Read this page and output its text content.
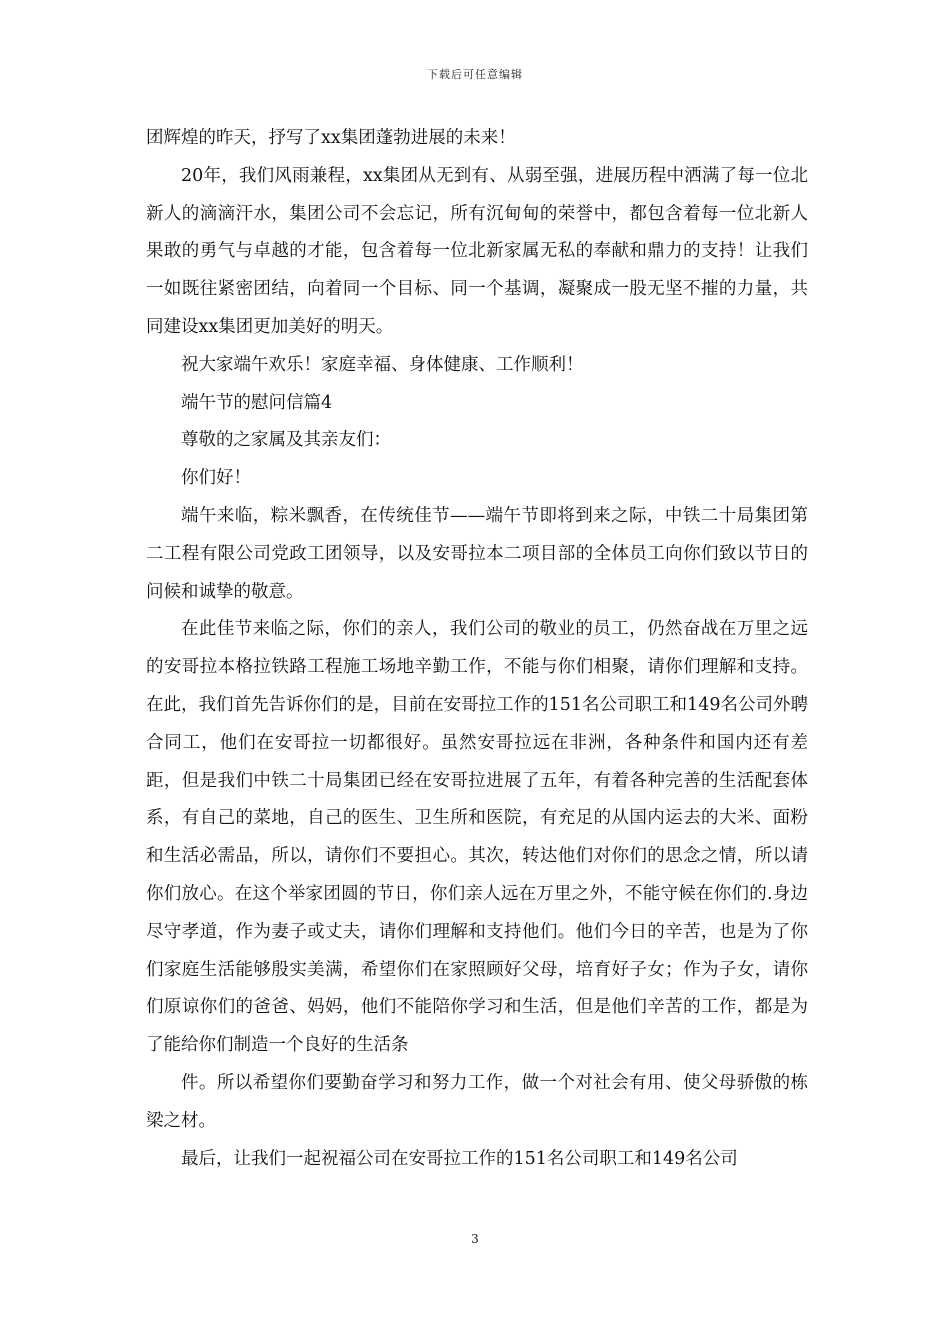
下载后可任意编辑

团辉煌的昨天，抒写了xx集团蓬勃进展的未来！

20年，我们风雨兼程，xx集团从无到有、从弱至强，进展历程中洒满了每一位北新人的滴滴汗水，集团公司不会忘记，所有沉甸甸的荣誉中，都包含着每一位北新人果敢的勇气与卓越的才能，包含着每一位北新家属无私的奉献和鼎力的支持！让我们一如既往紧密团结，向着同一个目标、同一个基调，凝聚成一股无坚不摧的力量，共同建设xx集团更加美好的明天。

祝大家端午欢乐！家庭幸福、身体健康、工作顺利！

端午节的慰问信篇4

尊敬的之家属及其亲友们：

你们好！

端午来临，粽米飘香，在传统佳节——端午节即将到来之际，中铁二十局集团第二工程有限公司党政工团领导，以及安哥拉本二项目部的全体员工向你们致以节日的问候和诚挚的敬意。

在此佳节来临之际，你们的亲人，我们公司的敬业的员工，仍然奋战在万里之远的安哥拉本格拉铁路工程施工场地辛勤工作，不能与你们相聚，请你们理解和支持。在此，我们首先告诉你们的是，目前在安哥拉工作的151名公司职工和149名公司外聘合同工，他们在安哥拉一切都很好。虽然安哥拉远在非洲，各种条件和国内还有差距，但是我们中铁二十局集团已经在安哥拉进展了五年，有着各种完善的生活配套体系，有自己的菜地，自己的医生、卫生所和医院，有充足的从国内运去的大米、面粉和生活必需品，所以，请你们不要担心。其次，转达他们对你们的思念之情，所以请你们放心。在这个举家团圆的节日，你们亲人远在万里之外，不能守候在你们的.身边尽守孝道，作为妻子或丈夫，请你们理解和支持他们。他们今日的辛苦，也是为了你们家庭生活能够殷实美满，希望你们在家照顾好父母，培育好子女；作为子女，请你们原谅你们的爸爸、妈妈，他们不能陪你学习和生活，但是他们辛苦的工作，都是为了能给你们制造一个良好的生活条

件。所以希望你们要勤奋学习和努力工作，做一个对社会有用、使父母骄傲的栋梁之材。

最后，让我们一起祝福公司在安哥拉工作的151名公司职工和149名公司

3
